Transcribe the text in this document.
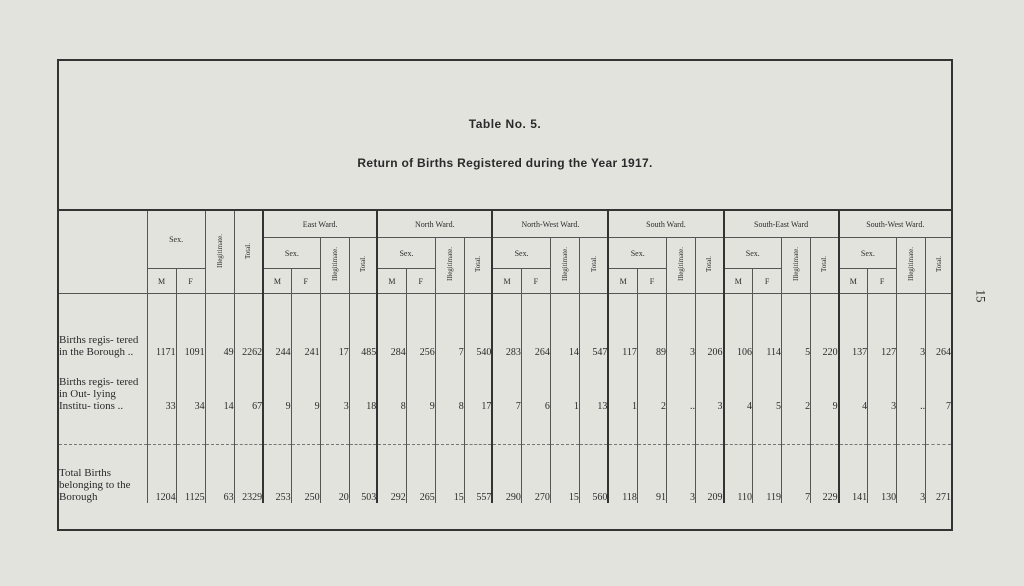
Table No. 5.
Return of Births Registered during the Year 1917.
	Sex.		Illegitimate.	Total.	East Ward.				North Ward.				North-West Ward.				South Ward.				South-East Ward				South-West Ward.			
					Sex.		Illegitimate.	Total.	Sex.		Illegitimate.	Total.	Sex.		Illegitimate.	Total.	Sex.		Illegitimate.	Total.	Sex.		Illegitimate.	Total.	Sex.		Illegitimate.	Total.
	M	F			M	F			M	F			M	F			M	F			M	F			M	F		

Births regis- tered in the Borough ..	1171	1091	49	2262	244	241	17	485	284	256	7	540	283	264	14	547	117	89	3	206	106	114	5	220	137	127	3	264
Births regis- tered in Out- lying Institu- tions ..	33	34	14	67	9	9	3	18	8	9	8	17	7	6	1	13	1	2	..	3	4	5	2	9	4	3	..	7

Total Births belonging to the Borough	1204	1125	63	2329	253	250	20	503	292	265	15	557	290	270	15	560	118	91	3	209	110	119	7	229	141	130	3	271
15
